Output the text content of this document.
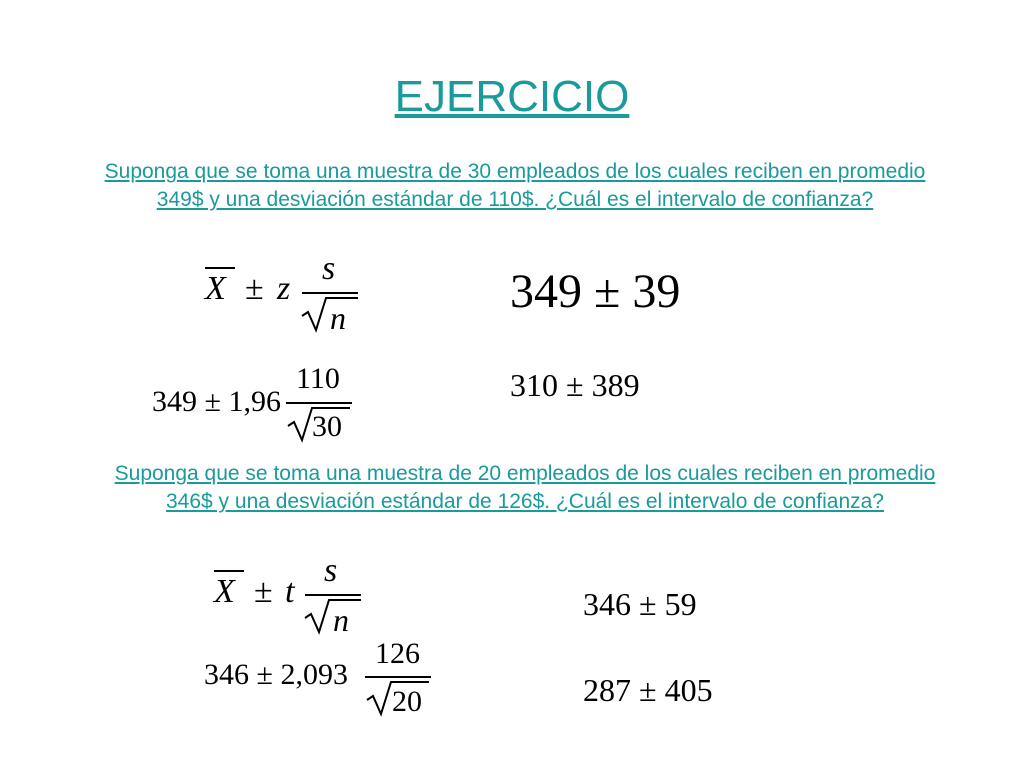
EJERCICIO
Suponga que se toma una muestra de 30 empleados de los cuales reciben en promedio 349$ y una desviación estándar de 110$. ¿Cuál es el intervalo de confianza?
X ± z
s
n	349 ± 39
349 ± 1,96
110
30
310 ± 389
Suponga que se toma una muestra de 20 empleados de los cuales reciben en promedio 346$ y una desviación estándar de 126$. ¿Cuál es el intervalo de confianza?
X ± t
s
n	346 ± 59
346 ± 2,093
126
20	287 ± 405
